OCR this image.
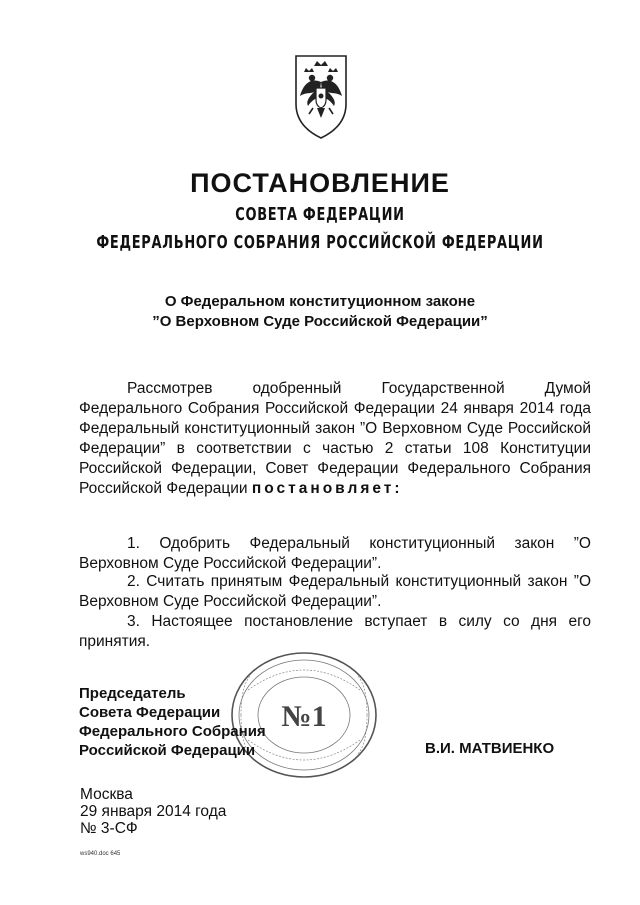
ПОСТАНОВЛЕНИЕ
СОВЕТА ФЕДЕРАЦИИ
ФЕДЕРАЛЬНОГО СОБРАНИЯ РОССИЙСКОЙ ФЕДЕРАЦИИ
О Федеральном конституционном законе
”О Верховном Суде Российской Федерации”
Рассмотрев одобренный Государственной Думой Федерального Собрания Российской Федерации 24 января 2014 года Федеральный конституционный закон ”О Верховном Суде Российской Федерации” в соответствии с частью 2 статьи 108 Конституции Российской Федерации, Совет Федерации Федерального Собрания Российской Федерации постановляет:
1. Одобрить Федеральный конституционный закон ”О Верховном Суде Российской Федерации”.
2. Считать принятым Федеральный конституционный закон ”О Верховном Суде Российской Федерации”.
3. Настоящее постановление вступает в силу со дня его принятия.
№1
Председатель
Совета Федерации
Федерального Собрания
Российской Федерации	В.И. МАТВИЕНКО
Москва
29 января 2014 года
№ 3-СФ
ws940.doc 645
